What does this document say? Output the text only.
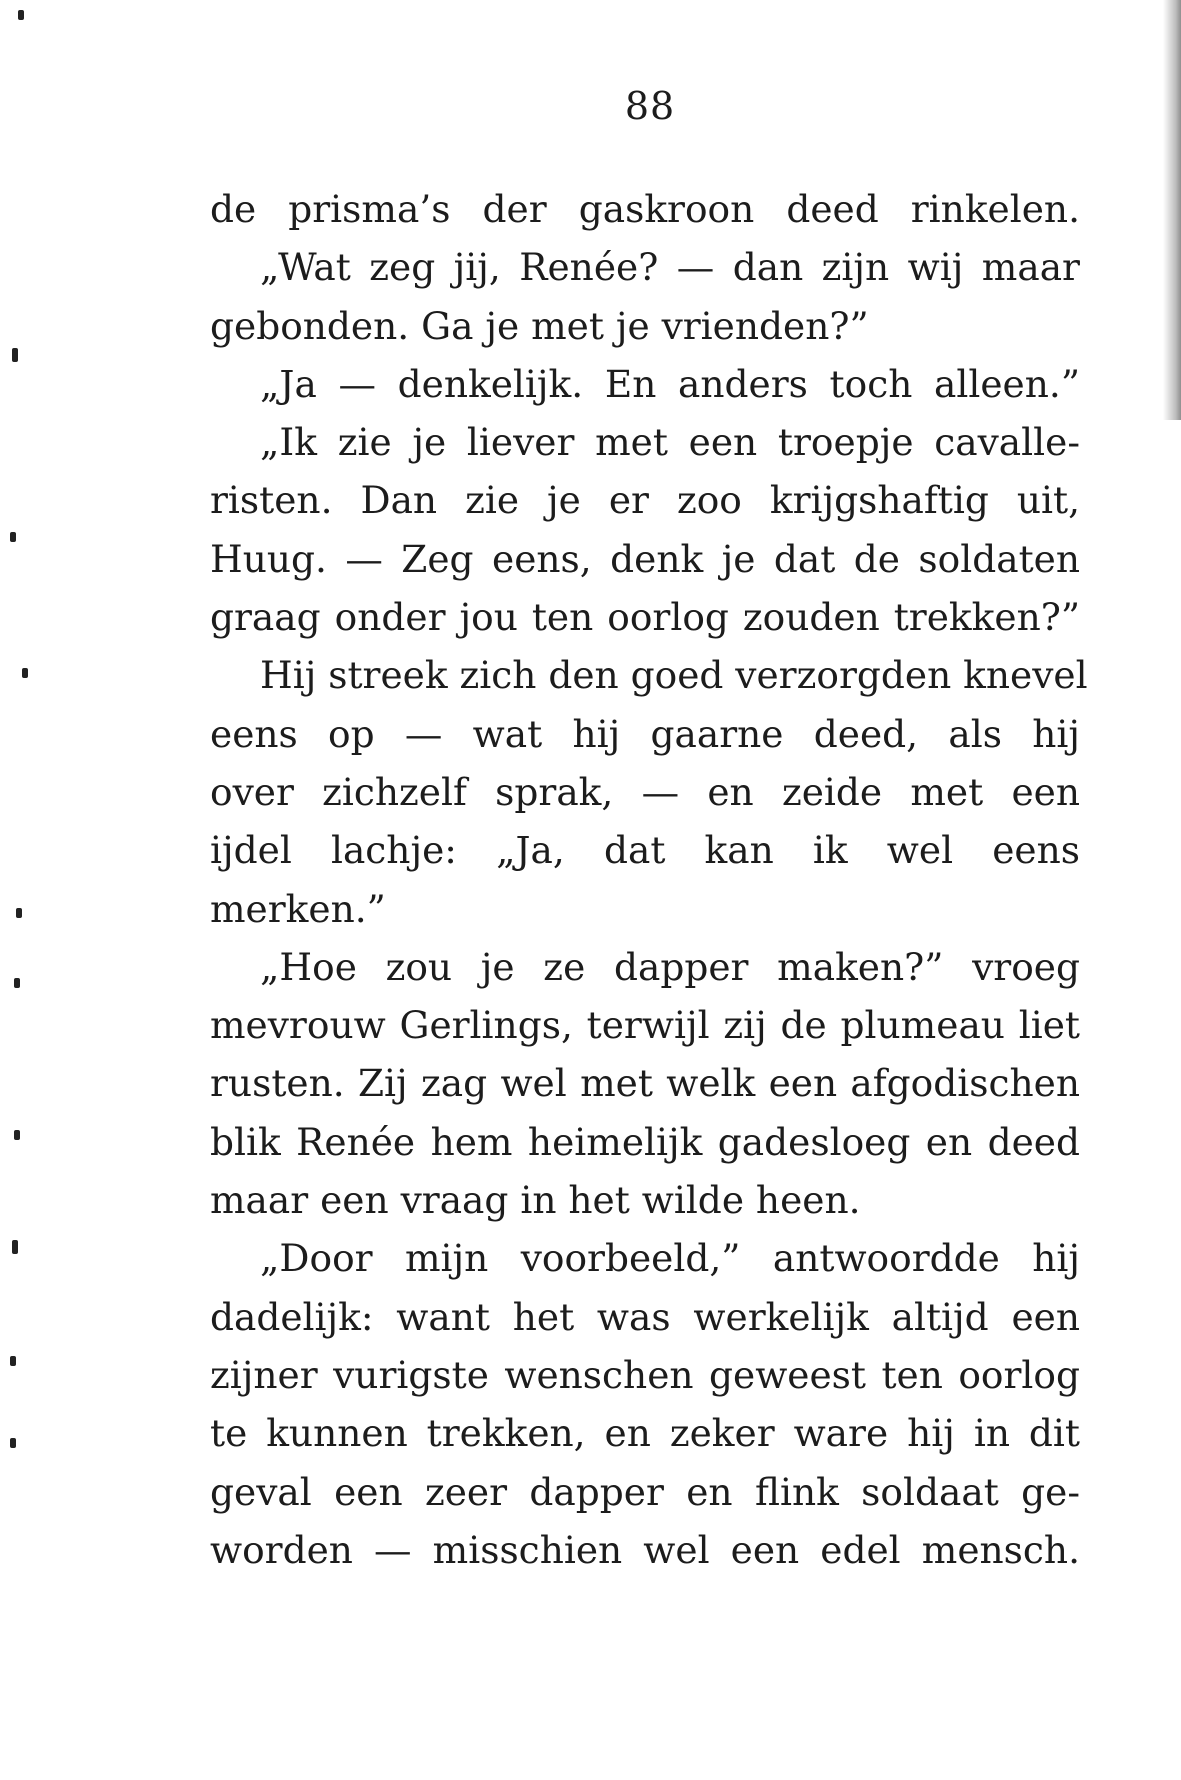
88
de prisma’s der gaskroon deed rinkelen.
„Wat zeg jij, Renée? — dan zijn wij maar
gebonden. Ga je met je vrienden?”
„Ja — denkelijk. En anders toch alleen.”
„Ik zie je liever met een troepje cavalle-
risten. Dan zie je er zoo krijgshaftig uit,
Huug. — Zeg eens, denk je dat de soldaten
graag onder jou ten oorlog zouden trekken?”
Hij streek zich den goed verzorgden knevel
eens op — wat hij gaarne deed, als hij
over zichzelf sprak, — en zeide met een
ijdel lachje: „Ja, dat kan ik wel eens
merken.”
„Hoe zou je ze dapper maken?” vroeg
mevrouw Gerlings, terwijl zij de plumeau liet
rusten. Zij zag wel met welk een afgodischen
blik Renée hem heimelijk gadesloeg en deed
maar een vraag in het wilde heen.
„Door mijn voorbeeld,” antwoordde hij
dadelijk: want het was werkelijk altijd een
zijner vurigste wenschen geweest ten oorlog
te kunnen trekken, en zeker ware hij in dit
geval een zeer dapper en flink soldaat ge-
worden — misschien wel een edel mensch.
